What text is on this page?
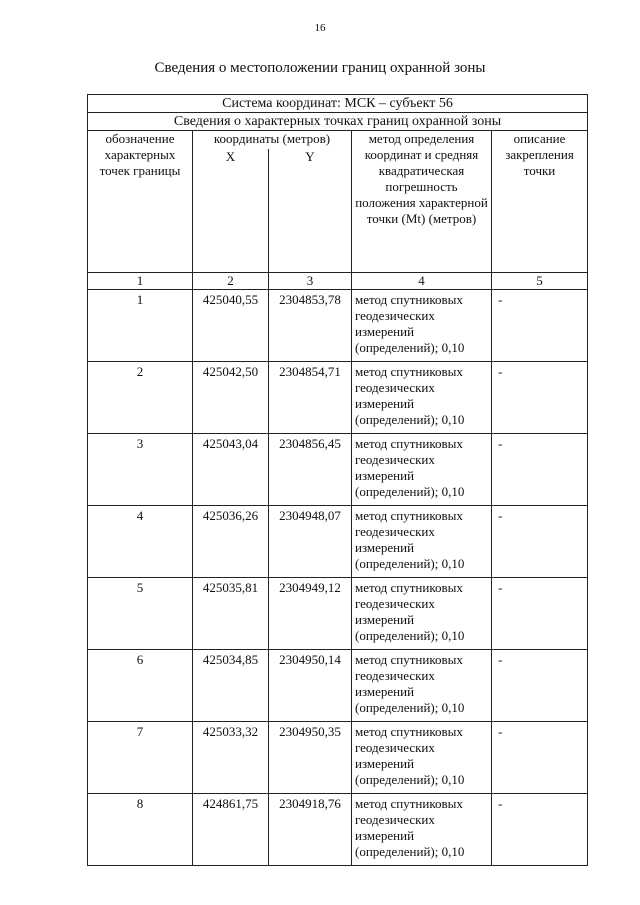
16
Сведения о местоположении границ охранной зоны
Система координат: МСК – субъект 56				
Сведения о характерных точках границ охранной зоны				
обозначение характерных точек границы	координаты (метров)		метод определения координат и средняя квадратическая погрешность положения характерной точки (Mt) (метров)	описание закрепления точки
	X	Y		

1	2	3	4	5
1	425040,55	2304853,78	метод спутниковых геодезических измерений (определений); 0,10	-
2	425042,50	2304854,71	метод спутниковых геодезических измерений (определений); 0,10	-
3	425043,04	2304856,45	метод спутниковых геодезических измерений (определений); 0,10	-
4	425036,26	2304948,07	метод спутниковых геодезических измерений (определений); 0,10	-
5	425035,81	2304949,12	метод спутниковых геодезических измерений (определений); 0,10	-
6	425034,85	2304950,14	метод спутниковых геодезических измерений (определений); 0,10	-
7	425033,32	2304950,35	метод спутниковых геодезических измерений (определений); 0,10	-
8	424861,75	2304918,76	метод спутниковых геодезических измерений (определений); 0,10	-
